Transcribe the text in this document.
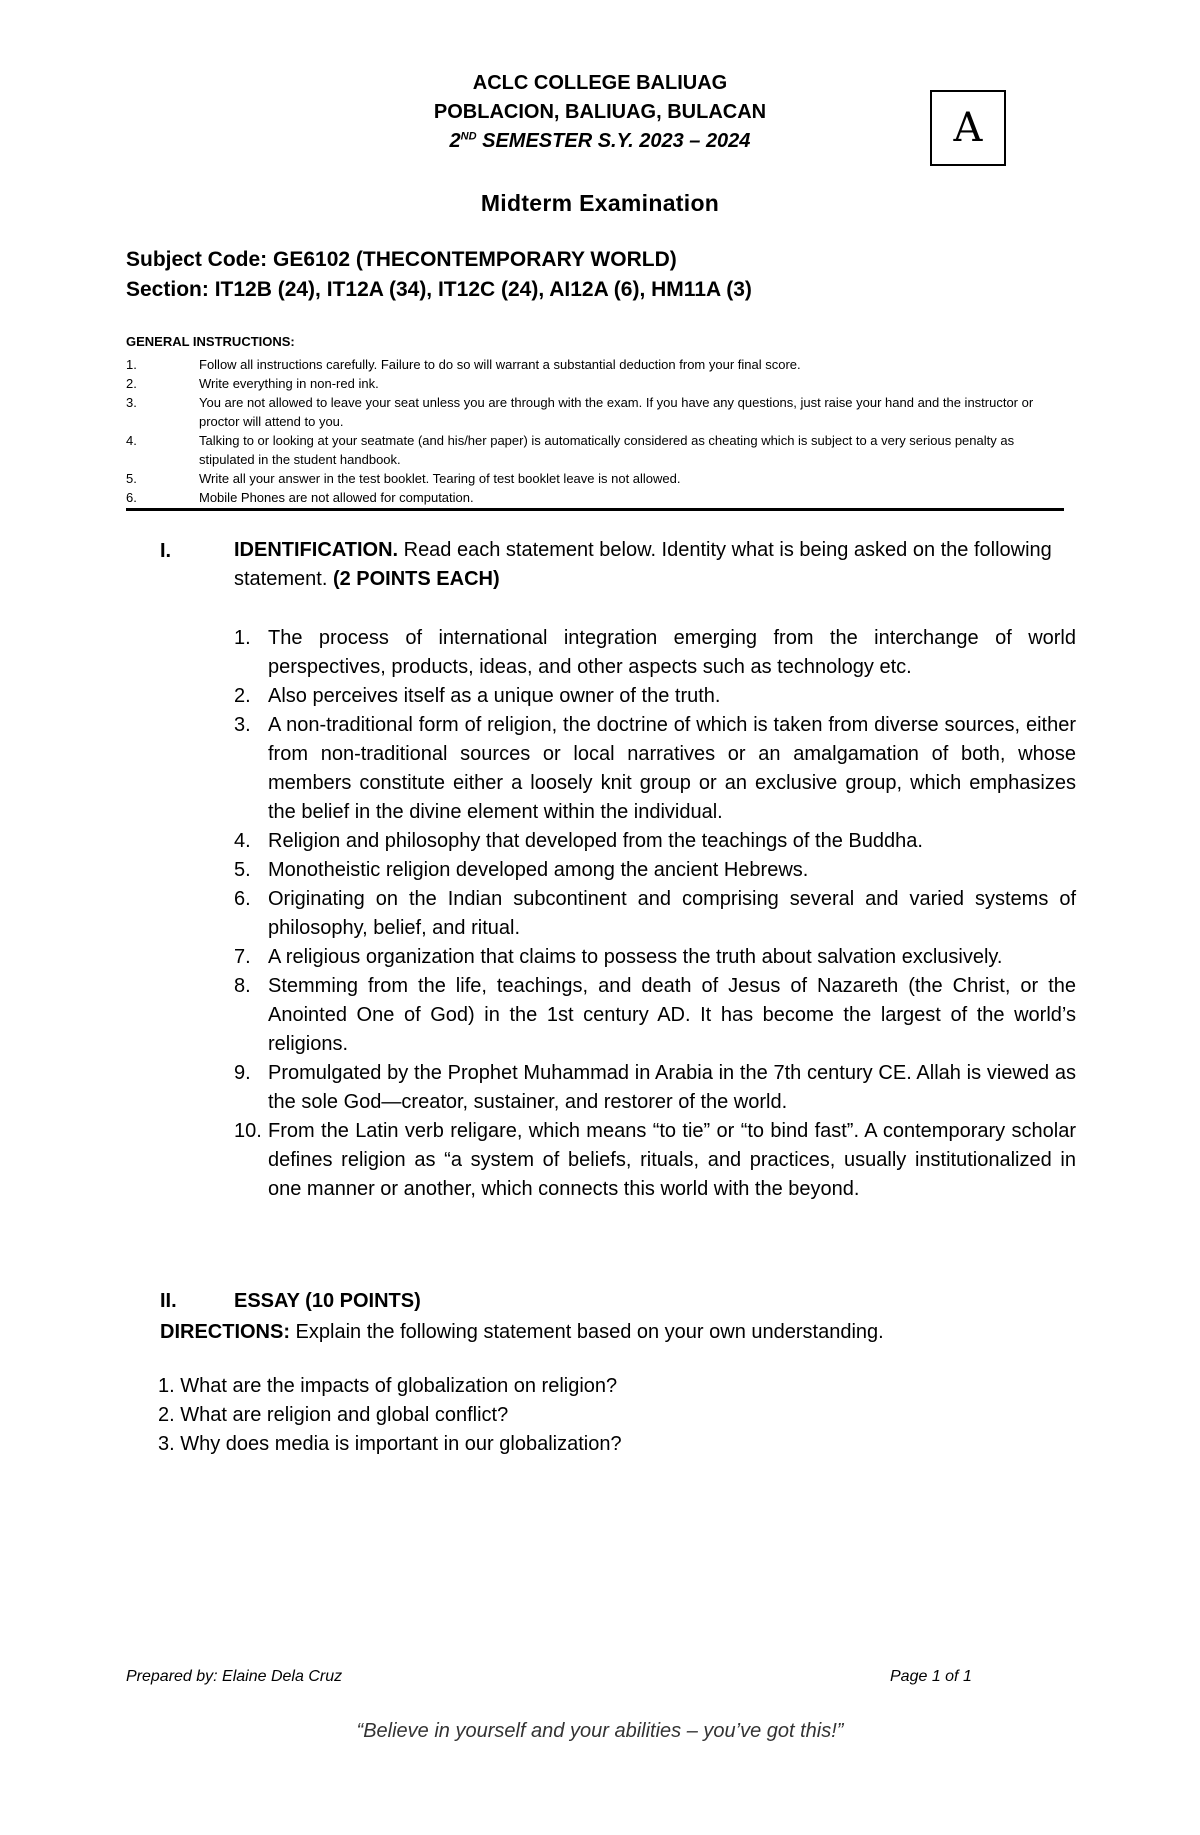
ACLC COLLEGE BALIUAG
POBLACION, BALIUAG, BULACAN
2ND SEMESTER S.Y. 2023 – 2024	A
Midterm Examination
Subject Code: GE6102 (THECONTEMPORARY WORLD)
Section: IT12B (24), IT12A (34), IT12C (24), AI12A (6), HM11A (3)
GENERAL INSTRUCTIONS:
1.	Follow all instructions carefully. Failure to do so will warrant a substantial deduction from your final score.
2.	Write everything in non-red ink.
3.	You are not allowed to leave your seat unless you are through with the exam. If you have any questions, just raise your hand and the instructor or proctor will attend to you.
4.	Talking to or looking at your seatmate (and his/her paper) is automatically considered as cheating which is subject to a very serious penalty as stipulated in the student handbook.
5.	Write all your answer in the test booklet. Tearing of test booklet leave is not allowed.
6.	Mobile Phones are not allowed for computation.
I.	IDENTIFICATION. Read each statement below. Identity what is being asked on the following statement. (2 POINTS EACH)
1. The process of international integration emerging from the interchange of world perspectives, products, ideas, and other aspects such as technology etc.
2. Also perceives itself as a unique owner of the truth.
3. A non-traditional form of religion, the doctrine of which is taken from diverse sources, either from non-traditional sources or local narratives or an amalgamation of both, whose members constitute either a loosely knit group or an exclusive group, which emphasizes the belief in the divine element within the individual.
4. Religion and philosophy that developed from the teachings of the Buddha.
5. Monotheistic religion developed among the ancient Hebrews.
6. Originating on the Indian subcontinent and comprising several and varied systems of philosophy, belief, and ritual.
7. A religious organization that claims to possess the truth about salvation exclusively.
8. Stemming from the life, teachings, and death of Jesus of Nazareth (the Christ, or the Anointed One of God) in the 1st century AD. It has become the largest of the world’s religions.
9. Promulgated by the Prophet Muhammad in Arabia in the 7th century CE. Allah is viewed as the sole God—creator, sustainer, and restorer of the world.
10. From the Latin verb religare, which means “to tie” or “to bind fast”. A contemporary scholar defines religion as “a system of beliefs, rituals, and practices, usually institutionalized in one manner or another, which connects this world with the beyond.
II.	ESSAY (10 POINTS)
DIRECTIONS: Explain the following statement based on your own understanding.
1. What are the impacts of globalization on religion?
2. What are religion and global conflict?
3. Why does media is important in our globalization?
Prepared by: Elaine Dela Cruz	Page 1 of 1
“Believe in yourself and your abilities – you’ve got this!”
